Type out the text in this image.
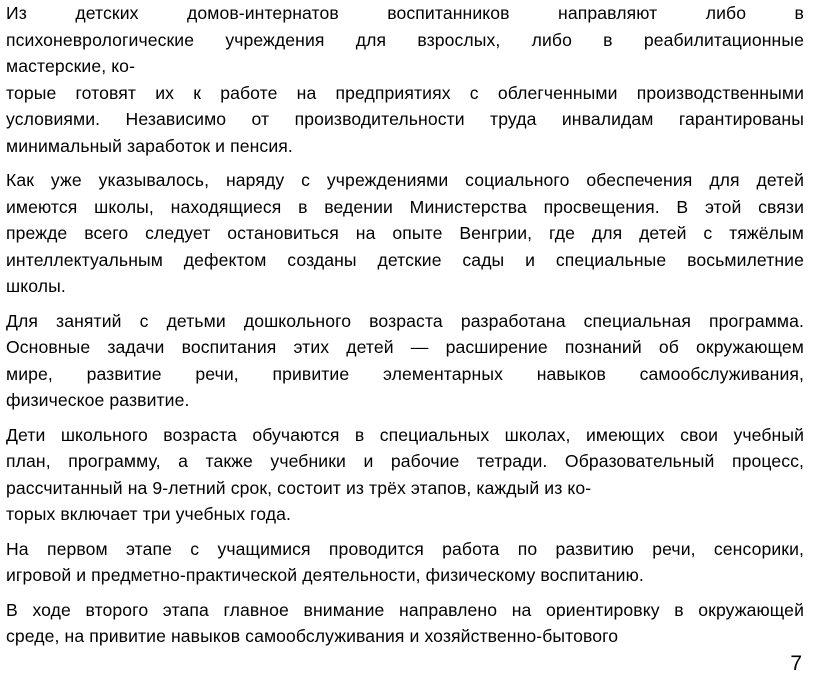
Из детских домов-интернатов воспитанников направляют либо в
психоневрологические учреждения для взрослых, либо в реабилитационные
мастерские, ко-
торые готовят их к работе на предприятиях с облегченными производственными
условиями. Независимо от производительности труда инвалидам гарантированы
минимальный заработок и пенсия.

Как уже указывалось, наряду с учреждениями социального обеспечения для детей
имеются школы, находящиеся в ведении Министерства просвещения. В этой связи
прежде всего следует остановиться на опыте Венгрии, где для детей с тяжёлым
интеллектуальным дефектом созданы детские сады и специальные восьмилетние
школы.

Для занятий с детьми дошкольного возраста разработана специальная программа.
Основные задачи воспитания этих детей — расширение познаний об окружающем
мире, развитие речи, привитие элементарных навыков самообслуживания,
физическое развитие.

Дети школьного возраста обучаются в специальных школах, имеющих свои учебный
план, программу, а также учебники и рабочие тетради. Образовательный процесс,
рассчитанный на 9-летний срок, состоит из трёх этапов, каждый из ко-
торых включает три учебных года.

На первом этапе с учащимися проводится работа по развитию речи, сенсорики,
игровой и предметно-практической деятельности, физическому воспитанию.

В ходе второго этапа главное внимание направлено на ориентировку в окружающей
среде, на привитие навыков самообслуживания и хозяйственно-бытового

7
